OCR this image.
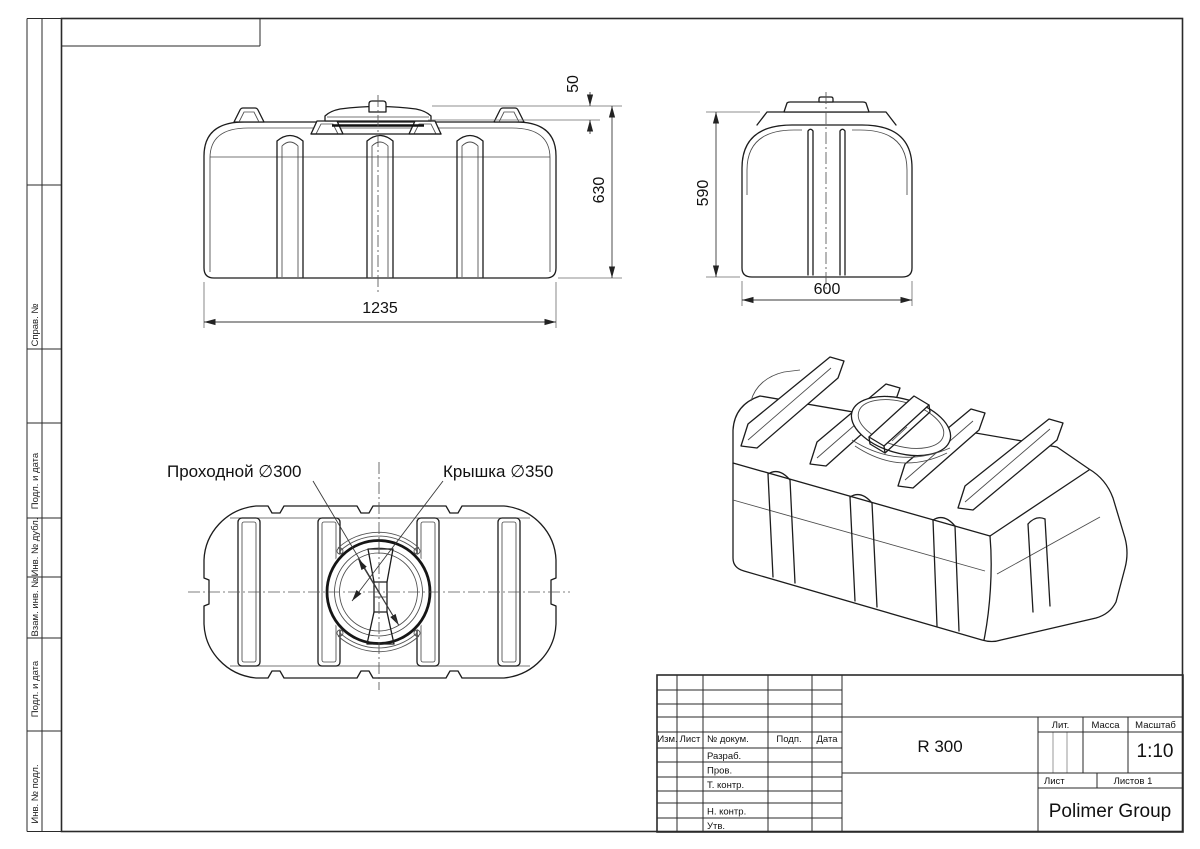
Справ. №
Подл. и дата
Инв. № дубл.
Взам. инв. №
Подл. и дата
Инв. № подл.
50
630
1235
590
600
Проходной ∅300	Крышка ∅350
Изм. Лист № докум.	Подп. Дата
Разраб.
Пров.
Т. контр.
Н. контр.
Утв.
Лит. Масса Масштаб
Лист	Листов 1
R 300	1:10
Polimer Group
